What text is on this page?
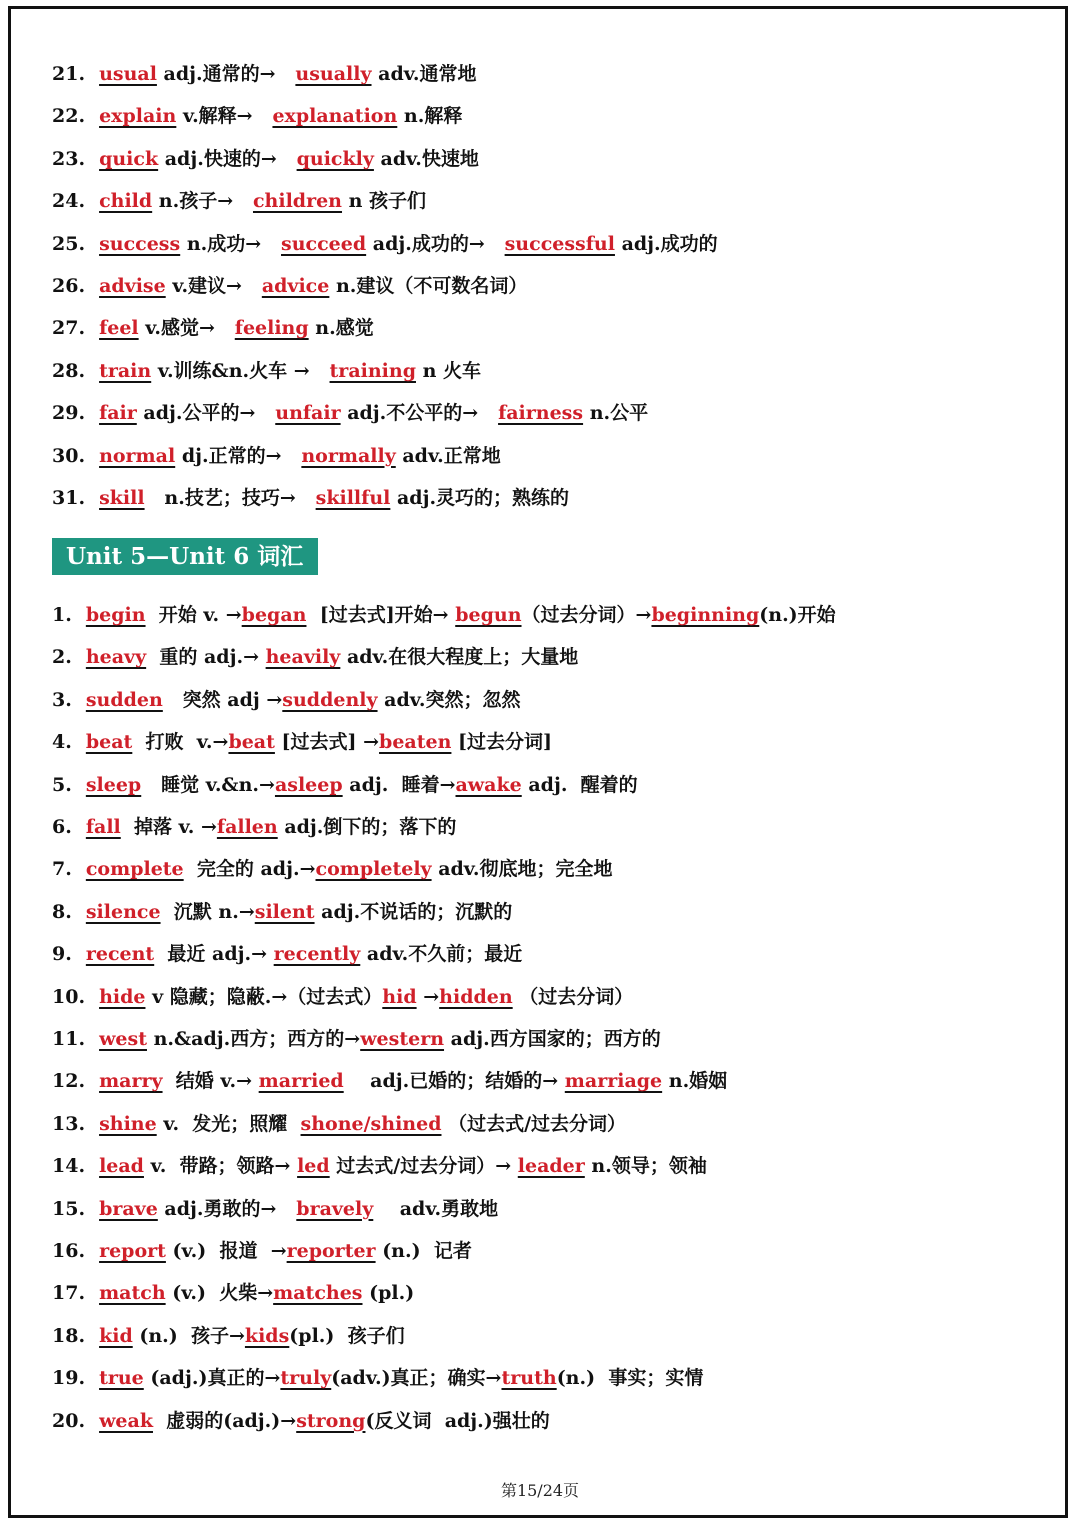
21. usual adj.通常的→   usually adv.通常地
22. explain v.解释→   explanation n.解释
23. quick adj.快速的→   quickly adv.快速地
24. child n.孩子→   children n 孩子们
25. success n.成功→   succeed adj.成功的→   successful adj.成功的
26. advise v.建议→   advice n.建议（不可数名词）
27. feel v.感觉→   feeling n.感觉
28. train v.训练&n.火车 →   training n 火车
29. fair adj.公平的→   unfair adj.不公平的→   fairness n.公平
30. normal dj.正常的→   normally adv.正常地
31. skill   n.技艺；技巧→   skillful adj.灵巧的；熟练的
Unit 5—Unit 6 词汇
1. begin  开始 v. →began  [过去式]开始→ begun（过去分词）→beginning(n.)开始
2. heavy  重的 adj.→ heavily adv.在很大程度上；大量地
3. sudden   突然 adj →suddenly adv.突然；忽然
4. beat  打败  v.→beat [过去式] →beaten [过去分词]
5. sleep   睡觉 v.&n.→asleep adj.  睡着→awake adj.  醒着的
6. fall  掉落 v. →fallen adj.倒下的；落下的
7. complete  完全的 adj.→completely adv.彻底地；完全地
8. silence  沉默 n.→silent adj.不说话的；沉默的
9. recent  最近 adj.→ recently adv.不久前；最近
10. hide v 隐藏；隐蔽.→（过去式）hid →hidden （过去分词）
11. west n.&adj.西方；西方的→western adj.西方国家的；西方的
12. marry  结婚 v.→ married    adj.已婚的；结婚的→ marriage n.婚姻
13. shine v.  发光；照耀  shone/shined （过去式/过去分词）
14. lead v.  带路；领路→ led 过去式/过去分词）→ leader n.领导；领袖
15. brave adj.勇敢的→   bravely    adv.勇敢地
16. report (v.)  报道  →reporter (n.)  记者
17. match (v.)  火柴→matches (pl.)
18. kid (n.)  孩子→kids(pl.)  孩子们
19. true (adj.)真正的→truly(adv.)真正；确实→truth(n.)  事实；实情
20. weak  虚弱的(adj.)→strong(反义词  adj.)强壮的
第15/24页
